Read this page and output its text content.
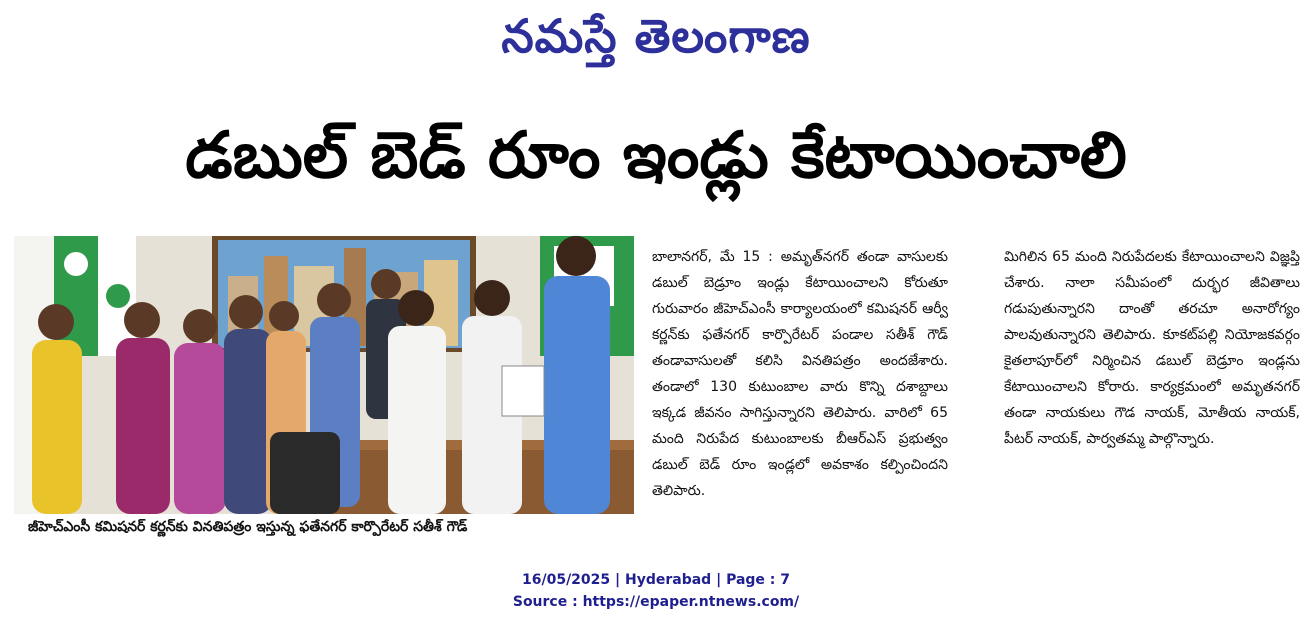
నమస్తే తెలంగాణ
డబుల్ బెడ్ రూం ఇండ్లు కేటాయించాలి
జీహెచ్ఎంసీ కమిషనర్ కర్ణన్‌కు వినతిపత్రం ఇస్తున్న ఫతేనగర్ కార్పొరేటర్ సతీశ్ గౌడ్

బాలానగర్, మే 15 : అమృత్‌నగర్ తండా వాసులకు డబుల్ బెడ్రూం ఇండ్లు కేటాయించాలని కోరుతూ గురువారం జీహెచ్ఎంసీ కార్యాలయంలో కమిషనర్ ఆర్వీ కర్ణన్‌కు ఫతేనగర్ కార్పొరేటర్ పండాల సతీశ్ గౌడ్ తండావాసులతో కలిసి వినతిపత్రం అందజేశారు. తండాలో 130 కుటుంబాల వారు కొన్ని దశాబ్దాలు ఇక్కడ జీవనం సాగిస్తున్నారని తెలిపారు. వారిలో 65 మంది నిరుపేద కుటుంబాలకు బీఆర్ఎస్ ప్రభుత్వం డబుల్ బెడ్ రూం ఇండ్లలో అవకాశం కల్పించిందని తెలిపారు.

మిగిలిన 65 మంది నిరుపేదలకు కేటాయించాలని విజ్ఞప్తి చేశారు. నాలా సమీపంలో దుర్భర జీవితాలు గడుపుతున్నారని దాంతో తరచూ అనారోగ్యం పాలవుతున్నారని తెలిపారు. కూకట్‌పల్లి నియోజకవర్గం కైతలాపూర్‌లో నిర్మించిన డబుల్ బెడ్రూం ఇండ్లను కేటాయించాలని కోరారు. కార్యక్రమంలో అమృతనగర్ తండా నాయకులు గౌడ నాయక్, మోతీయ నాయక్, పీటర్ నాయక్, పార్వతమ్మ పాల్గొన్నారు.

16/05/2025 | Hyderabad | Page : 7
Source : https://epaper.ntnews.com/
